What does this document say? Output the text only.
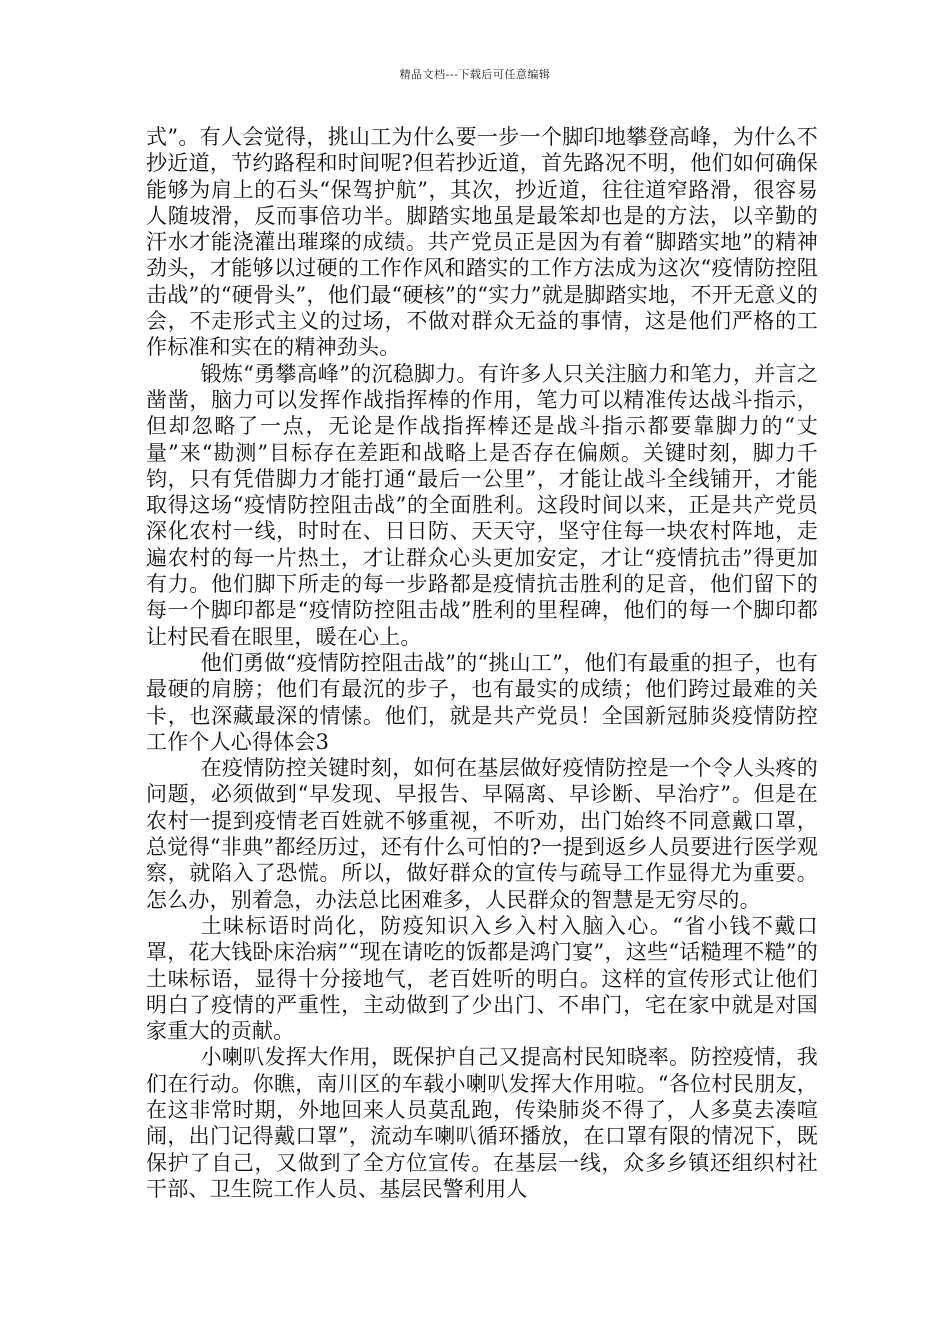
精品文档---下载后可任意编辑

式”。有人会觉得，挑山工为什么要一步一个脚印地攀登高峰，为什么不抄近道，节约路程和时间呢?但若抄近道，首先路况不明，他们如何确保能够为肩上的石头“保驾护航”，其次，抄近道，往往道窄路滑，很容易人随坡滑，反而事倍功半。脚踏实地虽是最笨却也是的方法，以辛勤的汗水才能浇灌出璀璨的成绩。共产党员正是因为有着“脚踏实地”的精神劲头，才能够以过硬的工作作风和踏实的工作方法成为这次“疫情防控阻击战”的“硬骨头”，他们最“硬核”的“实力”就是脚踏实地，不开无意义的会，不走形式主义的过场，不做对群众无益的事情，这是他们严格的工作标准和实在的精神劲头。

锻炼“勇攀高峰”的沉稳脚力。有许多人只关注脑力和笔力，并言之凿凿，脑力可以发挥作战指挥棒的作用，笔力可以精准传达战斗指示，但却忽略了一点，无论是作战指挥棒还是战斗指示都要靠脚力的“丈量”来“勘测”目标存在差距和战略上是否存在偏颇。关键时刻，脚力千钧，只有凭借脚力才能打通“最后一公里”，才能让战斗全线铺开，才能取得这场“疫情防控阻击战”的全面胜利。这段时间以来，正是共产党员深化农村一线，时时在、日日防、天天守，坚守住每一块农村阵地，走遍农村的每一片热土，才让群众心头更加安定，才让“疫情抗击”得更加有力。他们脚下所走的每一步路都是疫情抗击胜利的足音，他们留下的每一个脚印都是“疫情防控阻击战”胜利的里程碑，他们的每一个脚印都让村民看在眼里，暖在心上。

他们勇做“疫情防控阻击战”的“挑山工”，他们有最重的担子，也有最硬的肩膀；他们有最沉的步子，也有最实的成绩；他们跨过最难的关卡，也深藏最深的情愫。他们，就是共产党员！全国新冠肺炎疫情防控工作个人心得体会3

在疫情防控关键时刻，如何在基层做好疫情防控是一个令人头疼的问题，必须做到“早发现、早报告、早隔离、早诊断、早治疗”。但是在农村一提到疫情老百姓就不够重视，不听劝，出门始终不同意戴口罩，总觉得“非典”都经历过，还有什么可怕的?一提到返乡人员要进行医学观察，就陷入了恐慌。所以，做好群众的宣传与疏导工作显得尤为重要。怎么办，别着急，办法总比困难多，人民群众的智慧是无穷尽的。

土味标语时尚化，防疫知识入乡入村入脑入心。“省小钱不戴口罩，花大钱卧床治病”“现在请吃的饭都是鸿门宴”，这些“话糙理不糙”的土味标语，显得十分接地气，老百姓听的明白。这样的宣传形式让他们明白了疫情的严重性，主动做到了少出门、不串门，宅在家中就是对国家重大的贡献。

小喇叭发挥大作用，既保护自己又提高村民知晓率。防控疫情，我们在行动。你瞧，南川区的车载小喇叭发挥大作用啦。“各位村民朋友，在这非常时期，外地回来人员莫乱跑，传染肺炎不得了，人多莫去凑喧闹，出门记得戴口罩”，流动车喇叭循环播放，在口罩有限的情况下，既保护了自己，又做到了全方位宣传。在基层一线，众多乡镇还组织村社干部、卫生院工作人员、基层民警利用人
